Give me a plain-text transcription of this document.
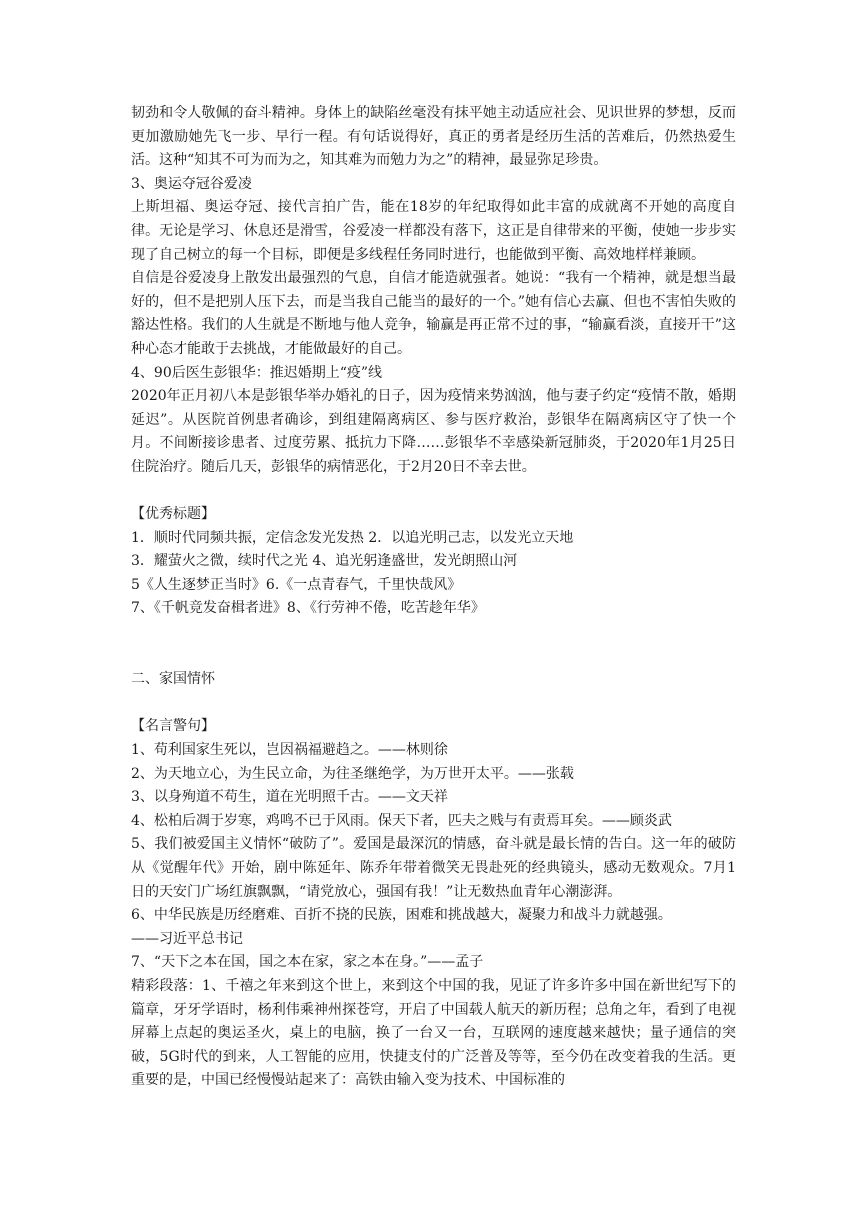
韧劲和令人敬佩的奋斗精神。身体上的缺陷丝毫没有抹平她主动适应社会、见识世界的梦想，反而更加激励她先飞一步、早行一程。有句话说得好，真正的勇者是经历生活的苦难后，仍然热爱生活。这种“知其不可为而为之，知其难为而勉力为之”的精神，最显弥足珍贵。

3、奥运夺冠谷爱凌

上斯坦福、奥运夺冠、接代言拍广告，能在18岁的年纪取得如此丰富的成就离不开她的高度自律。无论是学习、休息还是滑雪，谷爱凌一样都没有落下，这正是自律带来的平衡，使她一步步实现了自己树立的每一个目标，即便是多线程任务同时进行，也能做到平衡、高效地样样兼顾。

自信是谷爱凌身上散发出最强烈的气息，自信才能造就强者。她说：“我有一个精神，就是想当最好的，但不是把别人压下去，而是当我自己能当的最好的一个。”她有信心去赢、但也不害怕失败的豁达性格。我们的人生就是不断地与他人竞争，输赢是再正常不过的事，“输赢看淡，直接开干”这种心态才能敢于去挑战，才能做最好的自己。

4、90后医生彭银华：推迟婚期上“疫”线

2020年正月初八本是彭银华举办婚礼的日子，因为疫情来势汹汹，他与妻子约定“疫情不散，婚期延迟”。从医院首例患者确诊，到组建隔离病区、参与医疗救治，彭银华在隔离病区守了快一个月。不间断接诊患者、过度劳累、抵抗力下降……彭银华不幸感染新冠肺炎，于2020年1月25日住院治疗。随后几天，彭银华的病情恶化，于2月20日不幸去世。

【优秀标题】

1．顺时代同频共振，定信念发光发热 2．以追光明己志，以发光立天地

3．耀萤火之微，续时代之光 4、追光躬逢盛世，发光朗照山河

5《人生逐梦正当时》6.《一点青春气，千里快哉风》

7、《千帆竞发奋楫者进》8、《行劳神不倦，吃苦趁年华》

二、家国情怀

【名言警句】

1、苟利国家生死以，岂因祸福避趋之。——林则徐

2、为天地立心，为生民立命，为往圣继绝学，为万世开太平。——张载

3、以身殉道不苟生，道在光明照千古。——文天祥

4、松柏后凋于岁寒，鸡鸣不已于风雨。保天下者，匹夫之贱与有责焉耳矣。——顾炎武

5、我们被爱国主义情怀“破防了”。爱国是最深沉的情感，奋斗就是最长情的告白。这一年的破防从《觉醒年代》开始，剧中陈延年、陈乔年带着微笑无畏赴死的经典镜头，感动无数观众。7月1日的天安门广场红旗飘飘，“请党放心，强国有我！”让无数热血青年心潮澎湃。

6、中华民族是历经磨难、百折不挠的民族，困难和挑战越大，凝聚力和战斗力就越强。

——习近平总书记

7、“天下之本在国，国之本在家，家之本在身。”——孟子

精彩段落：1、千禧之年来到这个世上，来到这个中国的我，见证了许多许多中国在新世纪写下的篇章，牙牙学语时，杨利伟乘神州探苍穹，开启了中国载人航天的新历程；总角之年，看到了电视屏幕上点起的奥运圣火，桌上的电脑，换了一台又一台，互联网的速度越来越快；量子通信的突破，5G时代的到来，人工智能的应用，快捷支付的广泛普及等等，至今仍在改变着我的生活。更重要的是，中国已经慢慢站起来了：高铁由输入变为技术、中国标准的
